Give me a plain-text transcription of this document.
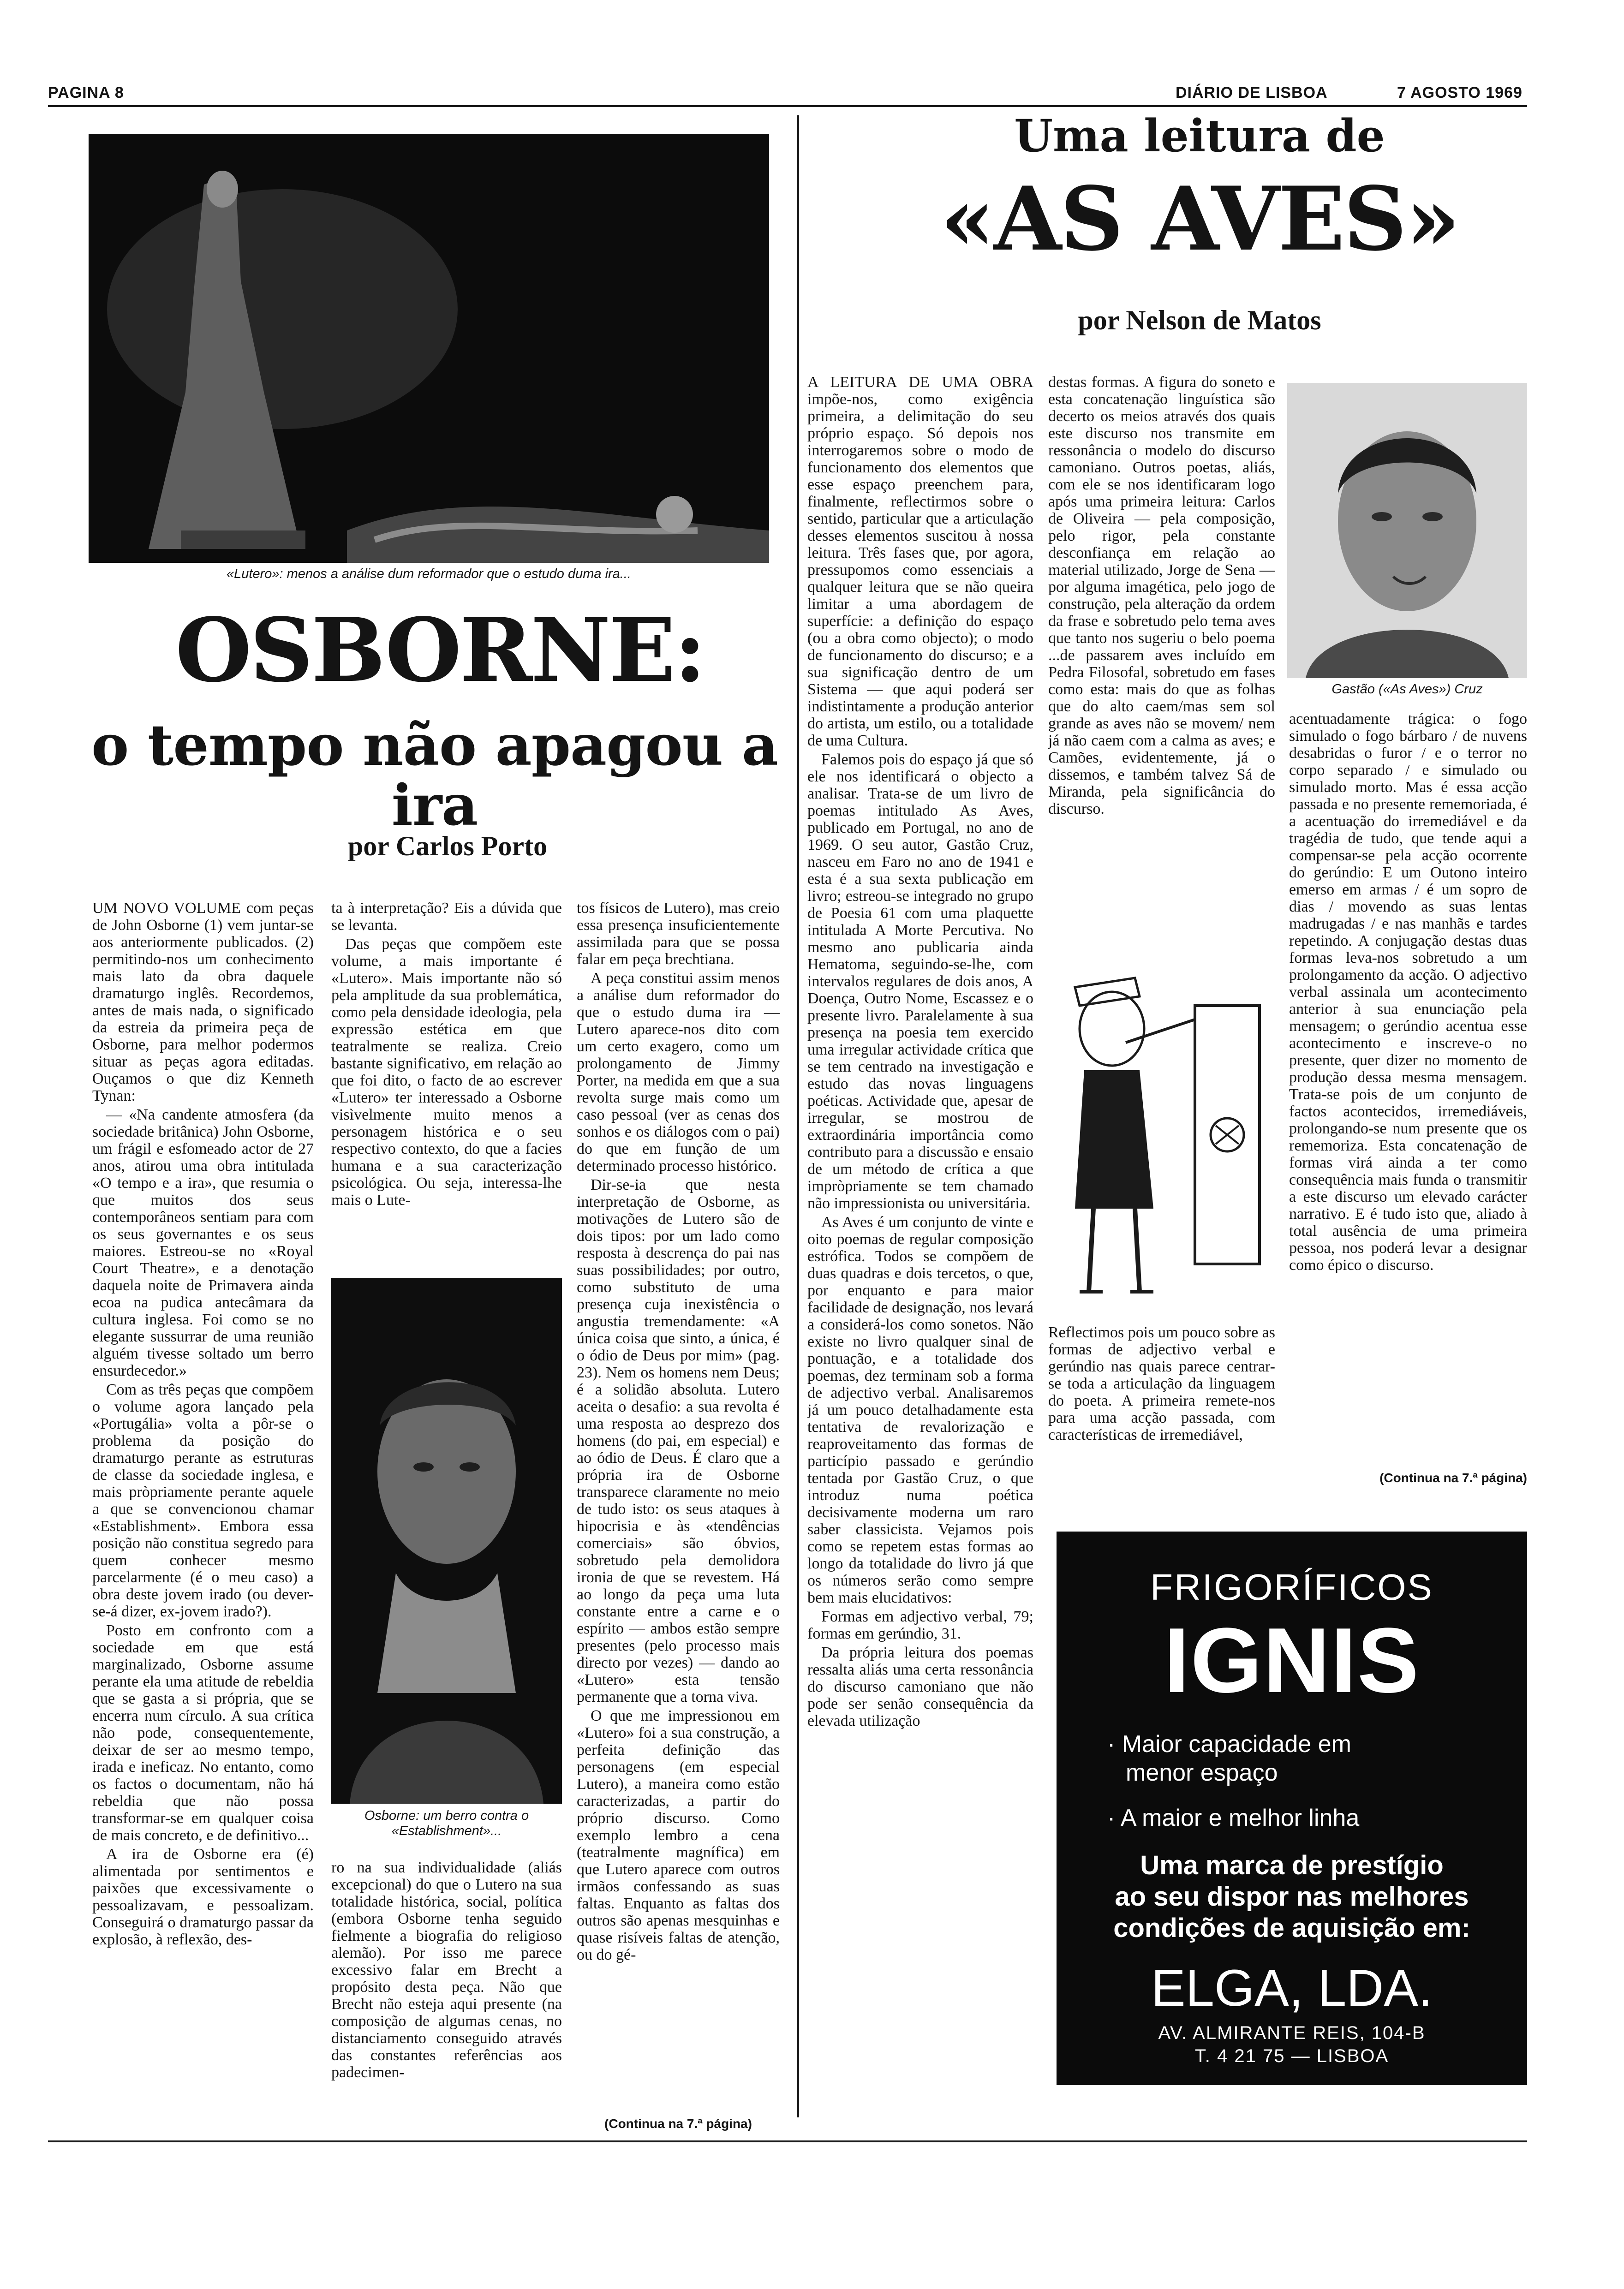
PAGINA 8	DIÁRIO DE LISBOA	7 AGOSTO 1969
«Lutero»: menos a análise dum reformador que o estudo duma ira...
OSBORNE:
o tempo não apagou a ira
por Carlos Porto

UM NOVO VOLUME com peças de John Osborne (1) vem juntar-se aos anteriormente publicados. (2) permitindo-nos um conhecimento mais lato da obra daquele dramaturgo inglês. Recordemos, antes de mais nada, o significado da estreia da primeira peça de Osborne, para melhor podermos situar as peças agora editadas. Ouçamos o que diz Kenneth Tynan:

— «Na candente atmosfera (da sociedade britânica) John Osborne, um frágil e esfomeado actor de 27 anos, atirou uma obra intitulada «O tempo e a ira», que resumia o que muitos dos seus contemporâneos sentiam para com os seus governantes e os seus maiores. Estreou-se no «Royal Court Theatre», e a denotação daquela noite de Primavera ainda ecoa na pudica antecâmara da cultura inglesa. Foi como se no elegante sussurrar de uma reunião alguém tivesse soltado um berro ensurdecedor.»

Com as três peças que compõem o volume agora lançado pela «Portugália» volta a pôr-se o problema da posição do dramaturgo perante as estruturas de classe da sociedade inglesa, e mais pròpriamente perante aquele a que se convencionou chamar «Establishment». Embora essa posição não constitua segredo para quem conhecer mesmo parcelarmente (é o meu caso) a obra deste jovem irado (ou dever-se-á dizer, ex-jovem irado?).

Posto em confronto com a sociedade em que está marginalizado, Osborne assume perante ela uma atitude de rebeldia que se gasta a si própria, que se encerra num círculo. A sua crítica não pode, consequentemente, deixar de ser ao mesmo tempo, irada e ineficaz. No entanto, como os factos o documentam, não há rebeldia que não possa transformar-se em qualquer coisa de mais concreto, e de definitivo...

A ira de Osborne era (é) alimentada por sentimentos e paixões que excessivamente o pessoalizavam, e pessoalizam. Conseguirá o dramaturgo passar da explosão, à reflexão, des-

ta à interpretação? Eis a dúvida que se levanta.

Das peças que compõem este volume, a mais importante é «Lutero». Mais importante não só pela amplitude da sua problemática, como pela densidade ideologia, pela expressão estética em que teatralmente se realiza. Creio bastante significativo, em relação ao que foi dito, o facto de ao escrever «Lutero» ter interessado a Osborne visìvelmente muito menos a personagem histórica e o seu respectivo contexto, do que a facies humana e a sua caracterização psicológica. Ou seja, interessa-lhe mais o Lute-

Osborne: um berro contra o «Establishment»...

ro na sua individualidade (aliás excepcional) do que o Lutero na sua totalidade histórica, social, política (embora Osborne tenha seguido fielmente a biografia do religioso alemão). Por isso me parece excessivo falar em Brecht a propósito desta peça. Não que Brecht não esteja aqui presente (na composição de algumas cenas, no distanciamento conseguido através das constantes referências aos padecimen-

tos físicos de Lutero), mas creio essa presença insuficientemente assimilada para que se possa falar em peça brechtiana.

A peça constitui assim menos a análise dum reformador do que o estudo duma ira — Lutero aparece-nos dito com um certo exagero, como um prolongamento de Jimmy Porter, na medida em que a sua revolta surge mais como um caso pessoal (ver as cenas dos sonhos e os diálogos com o pai) do que em função de um determinado processo histórico.

Dir-se-ia que nesta interpretação de Osborne, as motivações de Lutero são de dois tipos: por um lado como resposta à descrença do pai nas suas possibilidades; por outro, como substituto de uma presença cuja inexistência o angustia tremendamente: «A única coisa que sinto, a única, é o ódio de Deus por mim» (pag. 23). Nem os homens nem Deus; é a solidão absoluta. Lutero aceita o desafio: a sua revolta é uma resposta ao desprezo dos homens (do pai, em especial) e ao ódio de Deus. É claro que a própria ira de Osborne transparece claramente no meio de tudo isto: os seus ataques à hipocrisia e às «tendências comerciais» são óbvios, sobretudo pela demolidora ironia de que se revestem. Há ao longo da peça uma luta constante entre a carne e o espírito — ambos estão sempre presentes (pelo processo mais directo por vezes) — dando ao «Lutero» esta tensão permanente que a torna viva.

O que me impressionou em «Lutero» foi a sua construção, a perfeita definição das personagens (em especial Lutero), a maneira como estão caracterizadas, a partir do próprio discurso. Como exemplo lembro a cena (teatralmente magnífica) em que Lutero aparece com outros irmãos confessando as suas faltas. Enquanto as faltas dos outros são apenas mesquinhas e quase risíveis faltas de atenção, ou do gé-

(Continua na 7.ª página)
Uma leitura de
«AS AVES»
por Nelson de Matos

A LEITURA DE UMA OBRA impõe-nos, como exigência primeira, a delimitação do seu próprio espaço. Só depois nos interrogaremos sobre o modo de funcionamento dos elementos que esse espaço preenchem para, finalmente, reflectirmos sobre o sentido, particular que a articulação desses elementos suscitou à nossa leitura. Três fases que, por agora, pressupomos como essenciais a qualquer leitura que se não queira limitar a uma abordagem de superfície: a definição do espaço (ou a obra como objecto); o modo de funcionamento do discurso; e a sua significação dentro de um Sistema — que aqui poderá ser indistintamente a produção anterior do artista, um estilo, ou a totalidade de uma Cultura.

Falemos pois do espaço já que só ele nos identificará o objecto a analisar. Trata-se de um livro de poemas intitulado As Aves, publicado em Portugal, no ano de 1969. O seu autor, Gastão Cruz, nasceu em Faro no ano de 1941 e esta é a sua sexta publicação em livro; estreou-se integrado no grupo de Poesia 61 com uma plaquette intitulada A Morte Percutiva. No mesmo ano publicaria ainda Hematoma, seguindo-se-lhe, com intervalos regulares de dois anos, A Doença, Outro Nome, Escassez e o presente livro. Paralelamente à sua presença na poesia tem exercido uma irregular actividade crítica que se tem centrado na investigação e estudo das novas linguagens poéticas. Actividade que, apesar de irregular, se mostrou de extraordinária importância como contributo para a discussão e ensaio de um método de crítica a que impròpriamente se tem chamado não impressionista ou universitária.

As Aves é um conjunto de vinte e oito poemas de regular composição estrófica. Todos se compõem de duas quadras e dois tercetos, o que, por enquanto e para maior facilidade de designação, nos levará a considerá-los como sonetos. Não existe no livro qualquer sinal de pontuação, e a totalidade dos poemas, dez terminam sob a forma de adjectivo verbal. Analisaremos já um pouco detalhadamente esta tentativa de revalorização e reaproveitamento das formas de particípio passado e gerúndio tentada por Gastão Cruz, o que introduz numa poética decisivamente moderna um raro saber classicista. Vejamos pois como se repetem estas formas ao longo da totalidade do livro já que os números serão como sempre bem mais elucidativos:

Formas em adjectivo verbal, 79; formas em gerúndio, 31.

Da própria leitura dos poemas ressalta aliás uma certa ressonância do discurso camoniano que não pode ser senão consequência da elevada utilização

destas formas. A figura do soneto e esta concatenação linguística são decerto os meios através dos quais este discurso nos transmite em ressonância o modelo do discurso camoniano. Outros poetas, aliás, com ele se nos identificaram logo após uma primeira leitura: Carlos de Oliveira — pela composição, pelo rigor, pela constante desconfiança em relação ao material utilizado, Jorge de Sena — por alguma imagética, pelo jogo de construção, pela alteração da ordem da frase e sobretudo pelo tema aves que tanto nos sugeriu o belo poema ...de passarem aves incluído em Pedra Filosofal, sobretudo em fases como esta: mais do que as folhas que do alto caem/mas sem sol grande as aves não se movem/ nem já não caem com a calma as aves; e Camões, evidentemente, já o dissemos, e também talvez Sá de Miranda, pela significância do discurso.

Reflectimos pois um pouco sobre as formas de adjectivo verbal e gerúndio nas quais parece centrar-se toda a articulação da linguagem do poeta. A primeira remete-nos para uma acção passada, com características de irremediável,

Gastão («As Aves») Cruz

acentuadamente trágica: o fogo simulado o fogo bárbaro / de nuvens desabridas o furor / e o terror no corpo separado / e simulado ou simulado morto. Mas é essa acção passada e no presente rememoriada, é a acentuação do irremediável e da tragédia de tudo, que tende aqui a compensar-se pela acção ocorrente do gerúndio: E um Outono inteiro emerso em armas / é um sopro de dias / movendo as suas lentas madrugadas / e nas manhãs e tardes repetindo. A conjugação destas duas formas leva-nos sobretudo a um prolongamento da acção. O adjectivo verbal assinala um acontecimento anterior à sua enunciação pela mensagem; o gerúndio acentua esse acontecimento e inscreve-o no presente, quer dizer no momento de produção dessa mesma mensagem. Trata-se pois de um conjunto de factos acontecidos, irremediáveis, prolongando-se num presente que os rememoriza. Esta concatenação de formas virá ainda a ter como consequência mais funda o transmitir a este discurso um elevado carácter narrativo. E é tudo isto que, aliado à total ausência de uma primeira pessoa, nos poderá levar a designar como épico o discurso.

(Continua na 7.ª página)
FRIGORÍFICOS
IGNIS
· Maior capacidade em
menor espaço
· A maior e melhor linha
Uma marca de prestígio
ao seu dispor nas melhores
condições de aquisição em:
ELGA, LDA.
AV. ALMIRANTE REIS, 104-B
T. 4 21 75 — LISBOA
